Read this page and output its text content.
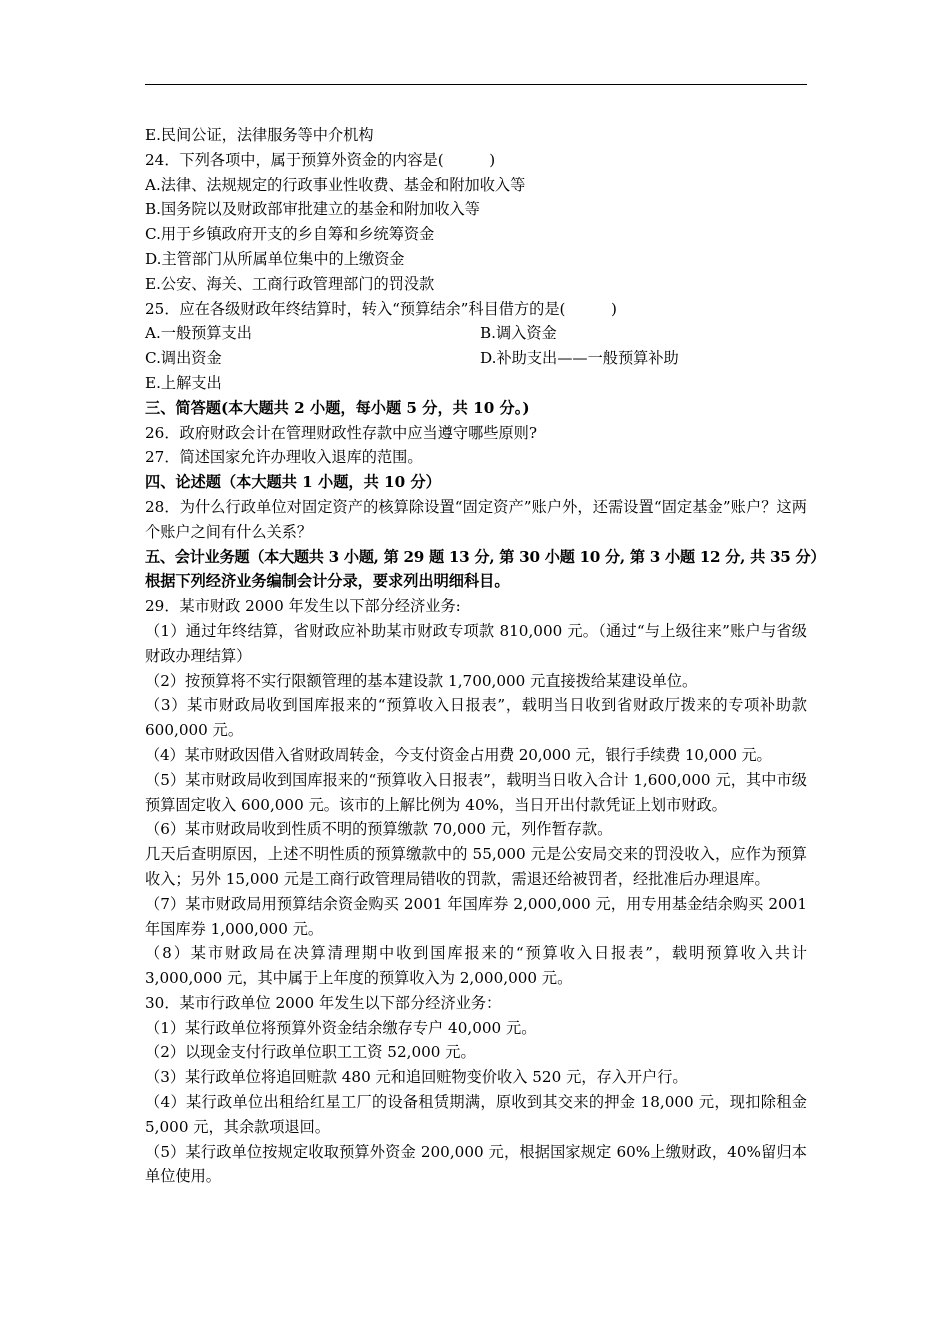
E.民间公证，法律服务等中介机构
24．下列各项中，属于预算外资金的内容是(　　　)
A.法律、法规规定的行政事业性收费、基金和附加收入等
B.国务院以及财政部审批建立的基金和附加收入等
C.用于乡镇政府开支的乡自筹和乡统筹资金
D.主管部门从所属单位集中的上缴资金
E.公安、海关、工商行政管理部门的罚没款
25．应在各级财政年终结算时，转入“预算结余”科目借方的是(　　　)
A.一般预算支出	B.调入资金
C.调出资金	D.补助支出——一般预算补助
E.上解支出
三、简答题(本大题共 2 小题，每小题 5 分，共 10 分。)
26．政府财政会计在管理财政性存款中应当遵守哪些原则?
27．简述国家允许办理收入退库的范围。
四、论述题（本大题共 1 小题，共 10 分）
28．为什么行政单位对固定资产的核算除设置“固定资产”账户外，还需设置“固定基金”账户？这两个账户之间有什么关系？
五、会计业务题（本大题共 3 小题, 第 29 题 13 分, 第 30 小题 10 分, 第 3 小题 12 分, 共 35 分）
根据下列经济业务编制会计分录，要求列出明细科目。
29．某市财政 2000 年发生以下部分经济业务:
（1）通过年终结算，省财政应补助某市财政专项款 810,000 元。（通过“与上级往来”账户与省级财政办理结算）
（2）按预算将不实行限额管理的基本建设款 1,700,000 元直接拨给某建设单位。
（3）某市财政局收到国库报来的“预算收入日报表”，载明当日收到省财政厅拨来的专项补助款 600,000 元。
（4）某市财政因借入省财政周转金，今支付资金占用费 20,000 元，银行手续费 10,000 元。
（5）某市财政局收到国库报来的“预算收入日报表”，载明当日收入合计 1,600,000 元，其中市级预算固定收入 600,000 元。该市的上解比例为 40%，当日开出付款凭证上划市财政。
（6）某市财政局收到性质不明的预算缴款 70,000 元，列作暂存款。
几天后查明原因，上述不明性质的预算缴款中的 55,000 元是公安局交来的罚没收入，应作为预算收入；另外 15,000 元是工商行政管理局错收的罚款，需退还给被罚者，经批准后办理退库。
（7）某市财政局用预算结余资金购买 2001 年国库券 2,000,000 元，用专用基金结余购买 2001 年国库券 1,000,000 元。
（8）某市财政局在决算清理期中收到国库报来的“预算收入日报表”，载明预算收入共计 3,000,000 元，其中属于上年度的预算收入为 2,000,000 元。
30．某市行政单位 2000 年发生以下部分经济业务：
（1）某行政单位将预算外资金结余缴存专户 40,000 元。
（2）以现金支付行政单位职工工资 52,000 元。
（3）某行政单位将追回赃款 480 元和追回赃物变价收入 520 元，存入开户行。
（4）某行政单位出租给红星工厂的设备租赁期满，原收到其交来的押金 18,000 元，现扣除租金 5,000 元，其余款项退回。
（5）某行政单位按规定收取预算外资金 200,000 元，根据国家规定 60%上缴财政，40%留归本单位使用。
